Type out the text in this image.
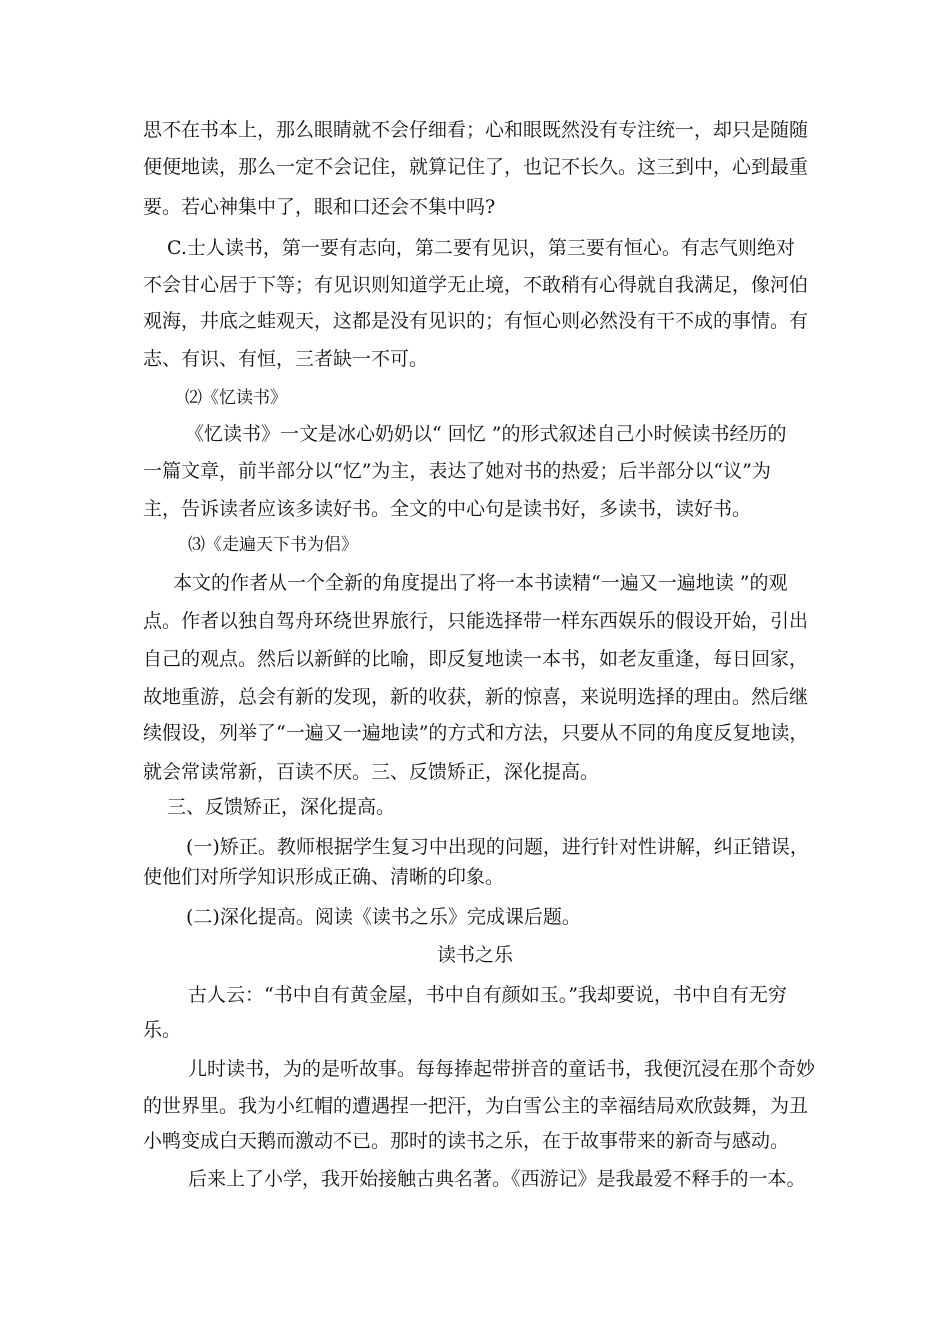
思不在书本上，那么眼睛就不会仔细看；心和眼既然没有专注统一，却只是随随
便便地读，那么一定不会记住，就算记住了，也记不长久。这三到中，心到最重
要。若心神集中了，眼和口还会不集中吗?
C.士人读书，第一要有志向，第二要有见识，第三要有恒心。有志气则绝对
不会甘心居于下等；有见识则知道学无止境，不敢稍有心得就自我满足，像河伯
观海，井底之蛙观天，这都是没有见识的；有恒心则必然没有干不成的事情。有
志、有识、有恒，三者缺一不可。
⑵《忆读书》
《忆读书》一文是冰心奶奶以“ 回忆 ”的形式叙述自己小时候读书经历的
一篇文章，前半部分以“忆”为主，表达了她对书的热爱；后半部分以“议”为
主，告诉读者应该多读好书。全文的中心句是读书好，多读书，读好书。
⑶《走遍天下书为侣》
本文的作者从一个全新的角度提出了将一本书读精“一遍又一遍地读 ”的观
点。作者以独自驾舟环绕世界旅行，只能选择带一样东西娱乐的假设开始，引出
自己的观点。然后以新鲜的比喻，即反复地读一本书，如老友重逢，每日回家，
故地重游，总会有新的发现，新的收获，新的惊喜，来说明选择的理由。然后继
续假设，列举了“一遍又一遍地读”的方式和方法，只要从不同的角度反复地读，
就会常读常新，百读不厌。三、反馈矫正，深化提高。
三、反馈矫正，深化提高。
(一)矫正。教师根据学生复习中出现的问题，进行针对性讲解，纠正错误，
使他们对所学知识形成正确、清晰的印象。
(二)深化提高。阅读《读书之乐》完成课后题。
读书之乐
古人云：“书中自有黄金屋，书中自有颜如玉。”我却要说，书中自有无穷
乐。
儿时读书，为的是听故事。每每捧起带拼音的童话书，我便沉浸在那个奇妙
的世界里。我为小红帽的遭遇捏一把汗，为白雪公主的幸福结局欢欣鼓舞，为丑
小鸭变成白天鹅而激动不已。那时的读书之乐，在于故事带来的新奇与感动。
后来上了小学，我开始接触古典名著。《西游记》是我最爱不释手的一本。
